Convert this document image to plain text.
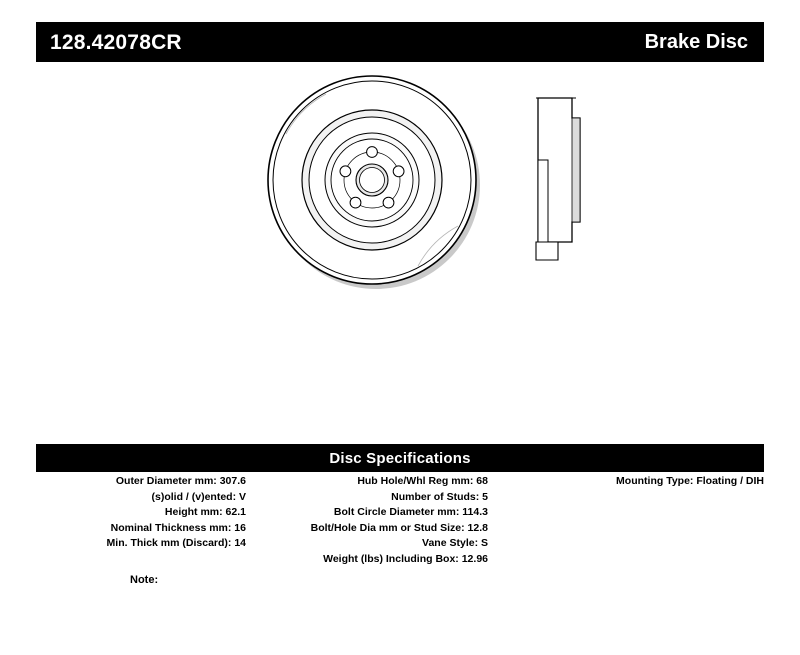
128.42078CR	Brake Disc
Disc Specifications
Outer Diameter mm: 307.6
(s)olid / (v)ented: V
Height mm: 62.1
Nominal Thickness mm: 16
Min. Thick mm (Discard): 14
Hub Hole/Whl Reg mm: 68
Number of Studs: 5
Bolt Circle Diameter mm: 114.3
Bolt/Hole Dia mm or Stud Size: 12.8
Vane Style: S
Weight (lbs) Including Box: 12.96
Mounting Type: Floating / DIH
Note:
